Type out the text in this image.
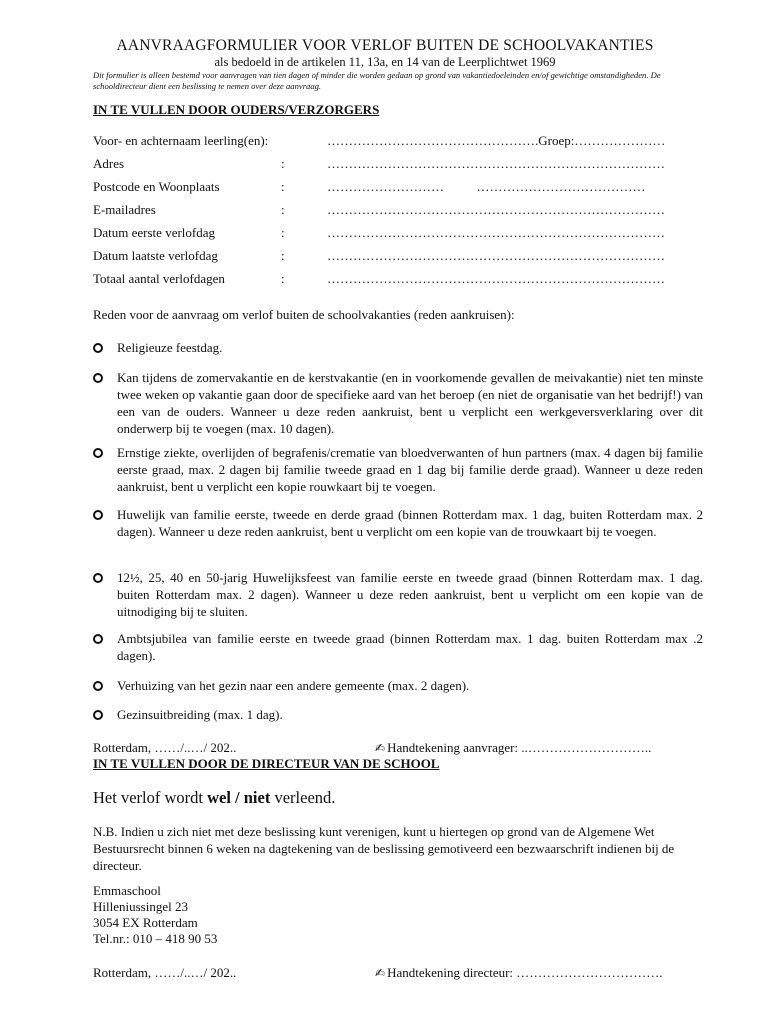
AANVRAAGFORMULIER VOOR VERLOF BUITEN DE SCHOOLVAKANTIES
als bedoeld in de artikelen 11, 13a, en 14 van de Leerplichtwet 1969
Dit formulier is alleen bestemd voor aanvragen van tien dagen of minder die worden gedaan op grond van vakantiedoeleinden en/of gewichtige omstandigheden. De schooldirecteur dient een beslissing te nemen over deze aanvraag.
IN TE VULLEN DOOR OUDERS/VERZORGERS
Voor- en achternaam leerling(en):	………………………………………….Groep:…………………
Adres	:	……………………………………………………………………
Postcode en Woonplaats	:	………………………          …………………………………
E-mailadres	:	……………………………………………………………………
Datum eerste verlofdag	:	……………………………………………………………………
Datum laatste verlofdag	:	……………………………………………………………………
Totaal aantal verlofdagen	:	……………………………………………………………………
Reden voor de aanvraag om verlof buiten de schoolvakanties (reden aankruisen):
Religieuze feestdag.
Kan tijdens de zomervakantie en de kerstvakantie (en in voorkomende gevallen de meivakantie) niet ten minste twee weken op vakantie gaan door de specifieke aard van het beroep (en niet de organisatie van het bedrijf!) van een van de ouders. Wanneer u deze reden aankruist, bent u verplicht een werkgeversverklaring over dit onderwerp bij te voegen (max. 10 dagen).
Ernstige ziekte, overlijden of begrafenis/crematie van bloedverwanten of hun partners (max. 4 dagen bij familie eerste graad, max. 2 dagen bij familie tweede graad en 1 dag bij familie derde graad). Wanneer u deze reden aankruist, bent u verplicht een kopie rouwkaart bij te voegen.
Huwelijk van familie eerste, tweede en derde graad (binnen Rotterdam max. 1 dag, buiten Rotterdam max. 2 dagen). Wanneer u deze reden aankruist, bent u verplicht om een kopie van de trouwkaart bij te voegen.
12½, 25, 40 en 50-jarig Huwelijksfeest van familie eerste en tweede graad (binnen Rotterdam max. 1 dag. buiten Rotterdam max. 2 dagen). Wanneer u deze reden aankruist, bent u verplicht om een kopie van de uitnodiging bij te sluiten.
Ambtsjubilea van familie eerste en tweede graad (binnen Rotterdam max. 1 dag. buiten Rotterdam max .2 dagen).
Verhuizing van het gezin naar een andere gemeente (max. 2 dagen).
Gezinsuitbreiding (max. 1 dag).
Rotterdam, ……/..…/ 202..	✍ Handtekening aanvrager: ..………………………..
IN TE VULLEN DOOR DE DIRECTEUR VAN DE SCHOOL
Het verlof wordt wel / niet verleend.
N.B. Indien u zich niet met deze beslissing kunt verenigen, kunt u hiertegen op grond van de Algemene Wet Bestuursrecht binnen 6 weken na dagtekening van de beslissing gemotiveerd een bezwaarschrift indienen bij de directeur.
Emmaschool
Hilleniussingel 23
3054 EX Rotterdam
Tel.nr.: 010 – 418 90 53
Rotterdam, ……/..…/ 202..	✍ Handtekening directeur: …………………………….
